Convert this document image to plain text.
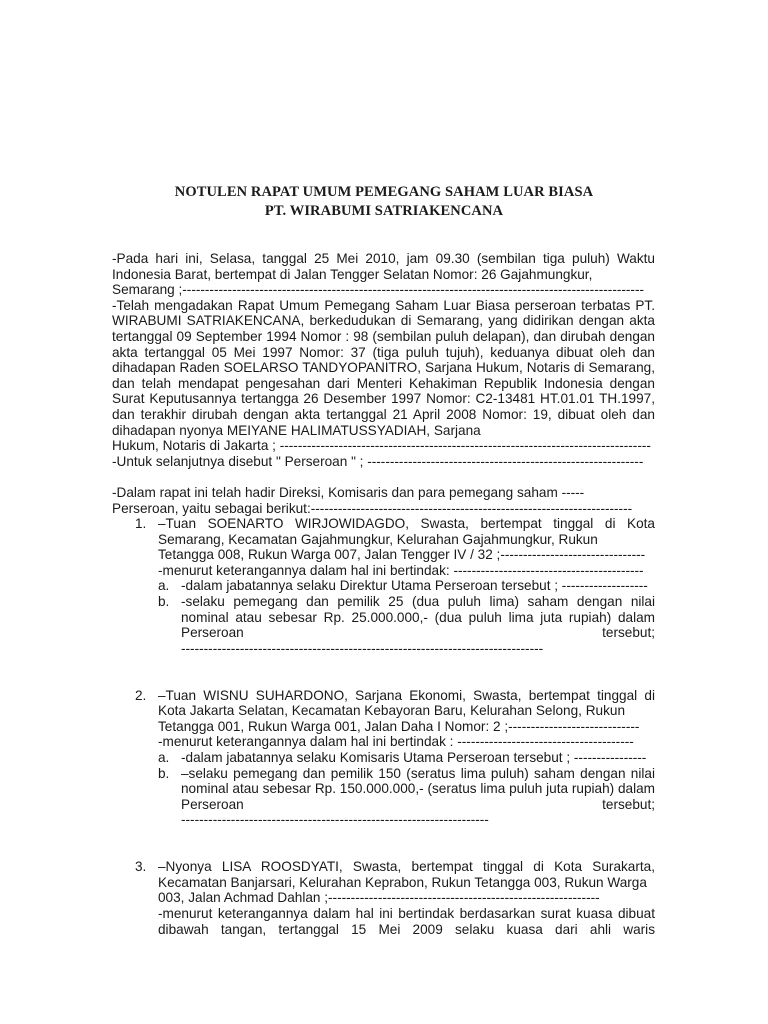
NOTULEN RAPAT UMUM PEMEGANG SAHAM LUAR BIASA
PT. WIRABUMI SATRIAKENCANA

-Pada hari ini, Selasa, tanggal 25 Mei 2010, jam 09.30 (sembilan tiga puluh) Waktu Indonesia Barat, bertempat di Jalan Tengger Selatan Nomor: 26 Gajahmungkur,

Semarang ;------------------------------------------------------------------------------------------------------

-Telah mengadakan Rapat Umum Pemegang Saham Luar Biasa perseroan terbatas PT. WIRABUMI SATRIAKENCANA, berkedudukan di Semarang, yang didirikan dengan akta tertanggal 09 September 1994 Nomor : 98 (sembilan puluh delapan), dan dirubah dengan akta tertanggal 05 Mei 1997 Nomor: 37 (tiga puluh tujuh), keduanya dibuat oleh dan dihadapan Raden SOELARSO TANDYOPANITRO, Sarjana Hukum, Notaris di Semarang, dan telah mendapat pengesahan dari Menteri Kehakiman Republik Indonesia dengan Surat Keputusannya tertangga 26 Desember 1997 Nomor: C2-13481 HT.01.01 TH.1997, dan terakhir dirubah dengan akta tertanggal 21 April 2008 Nomor: 19, dibuat oleh dan dihadapan nyonya MEIYANE HALIMATUSSYADIAH, Sarjana

Hukum, Notaris di Jakarta ; ----------------------------------------------------------------------------------

-Untuk selanjutnya disebut " Perseroan " ; -------------------------------------------------------------

-Dalam rapat ini telah hadir Direksi, Komisaris dan para pemegang saham -----

Perseroan, yaitu sebagai berikut:-----------------------------------------------------------------------

1. –Tuan SOENARTO WIRJOWIDAGDO, Swasta, bertempat tinggal di Kota Semarang, Kecamatan Gajahmungkur, Kelurahan Gajahmungkur, Rukun

Tetangga 008, Rukun Warga 007, Jalan Tengger IV / 32 ;--------------------------------

-menurut keterangannya dalam hal ini bertindak: ------------------------------------------

a. -dalam jabatannya selaku Direktur Utama Perseroan tersebut ; -------------------

b. -selaku pemegang dan pemilik 25 (dua puluh lima) saham dengan nilai nominal atau sebesar Rp. 25.000.000,- (dua puluh lima juta rupiah) dalam Perseroan tersebut;

--------------------------------------------------------------------------------

2. –Tuan WISNU SUHARDONO, Sarjana Ekonomi, Swasta, bertempat tinggal di Kota Jakarta Selatan, Kecamatan Kebayoran Baru, Kelurahan Selong, Rukun

Tetangga 001, Rukun Warga 001, Jalan Daha I Nomor: 2 ;-----------------------------

-menurut keterangannya dalam hal ini bertindak : ---------------------------------------

a. -dalam jabatannya selaku Komisaris Utama Perseroan tersebut ; ----------------

b. –selaku pemegang dan pemilik 150 (seratus lima puluh) saham dengan nilai nominal atau sebesar Rp. 150.000.000,- (seratus lima puluh juta rupiah) dalam Perseroan tersebut;

--------------------------------------------------------------------

3. –Nyonya LISA ROOSDYATI, Swasta, bertempat tinggal di Kota Surakarta, Kecamatan Banjarsari, Kelurahan Keprabon, Rukun Tetangga 003, Rukun Warga

003, Jalan Achmad Dahlan ;------------------------------------------------------------

-menurut keterangannya dalam hal ini bertindak berdasarkan surat kuasa dibuat dibawah tangan, tertanggal 15 Mei 2009 selaku kuasa dari ahli waris
